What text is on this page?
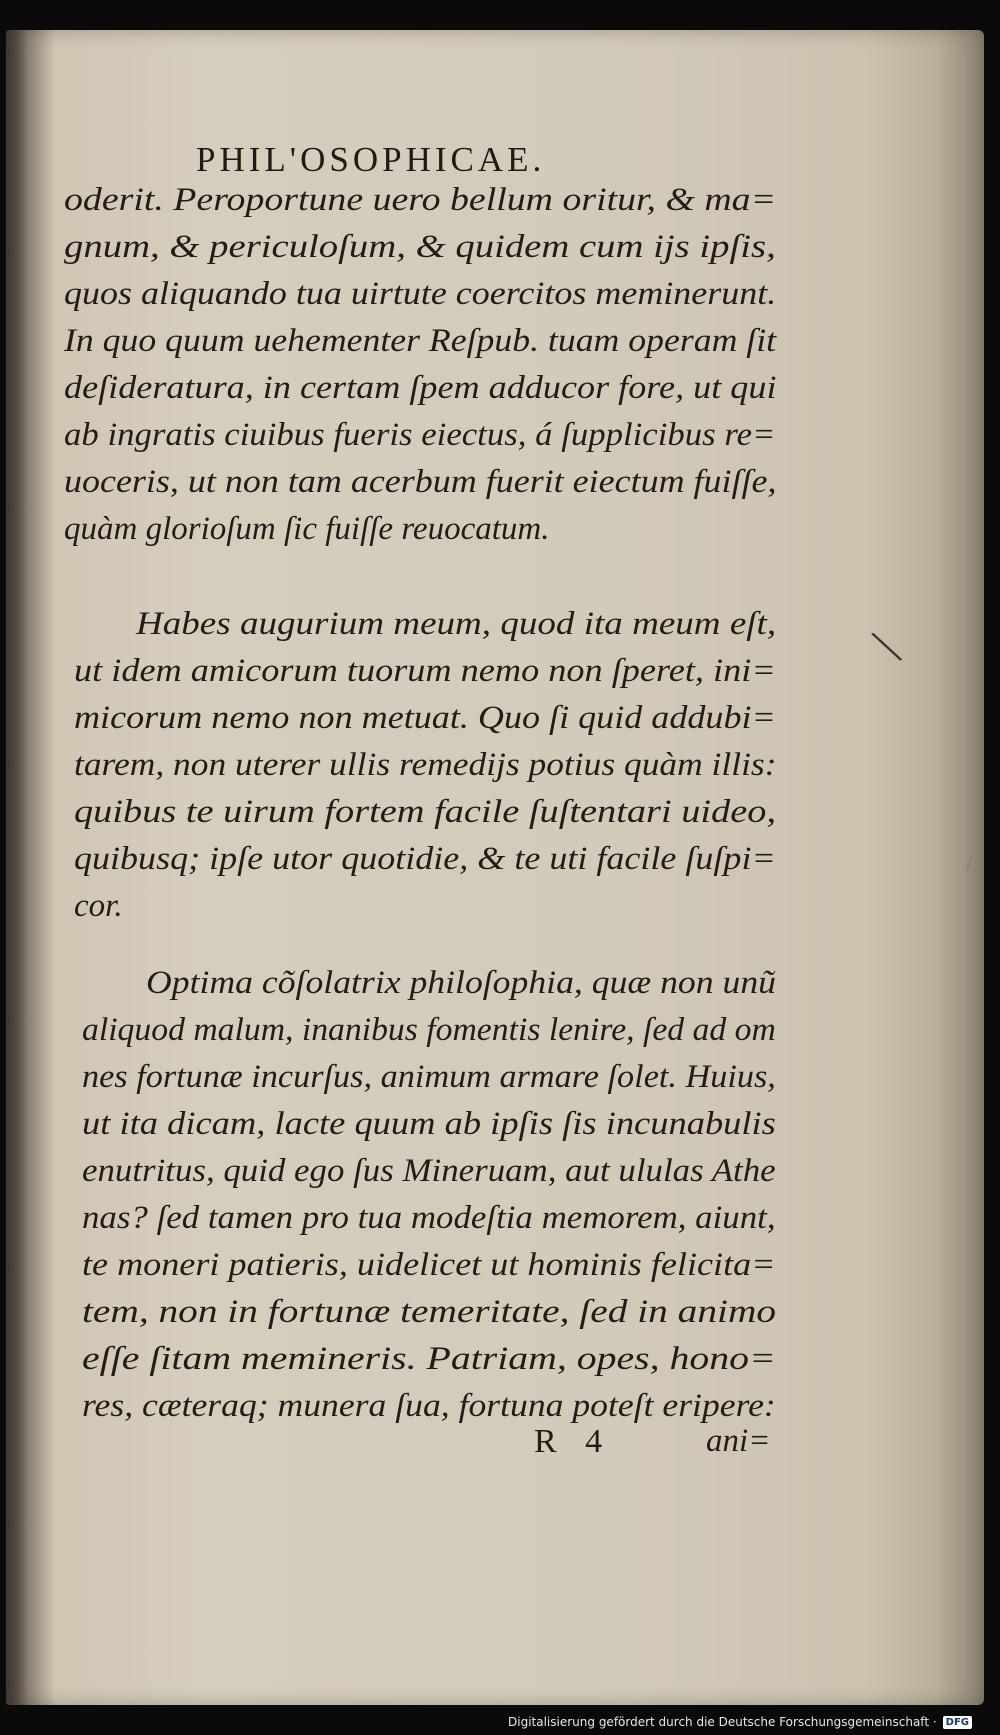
PHIL'OSOPHICAE.

oderit. Peroportune uero bellum oritur, & ma=

gnum, & periculoſum, & quidem cum ijs ipſis,

quos aliquando tua uirtute coercitos meminerunt.

In quo quum uehementer Reſpub. tuam operam ſit

deſideratura, in certam ſpem adducor fore, ut qui

ab ingratis ciuibus fueris eiectus, á ſupplicibus re=

uoceris, ut non tam acerbum fuerit eiectum fuiſſe,

quàm glorioſum ſic fuiſſe reuocatum.

Habes augurium meum, quod ita meum eſt,

ut idem amicorum tuorum nemo non ſperet, ini=

micorum nemo non metuat. Quo ſi quid addubi=

tarem, non uterer ullis remedijs potius quàm illis:

quibus te uirum fortem facile ſuſtentari uideo,

quibusq; ipſe utor quotidie, & te uti facile ſuſpi=

cor.

Optima cõſolatrix philoſophia, quæ non unũ

aliquod malum, inanibus fomentis lenire, ſed ad om

nes fortunæ incurſus, animum armare ſolet. Huius,

ut ita dicam, lacte quum ab ipſis ſis incunabulis

enutritus, quid ego ſus Mineruam, aut ululas Athe

nas? ſed tamen pro tua modeſtia memorem, aiunt,

te moneri patieris, uidelicet ut hominis felicita=

tem, non in fortunæ temeritate, ſed in animo

eſſe ſitam memineris. Patriam, opes, hono=

res, cæteraq; munera ſua, fortuna poteſt eripere:

R 4	ani=

╲
/
Digitalisierung gefördert durch die Deutsche Forschungsgemeinschaft · DFG
